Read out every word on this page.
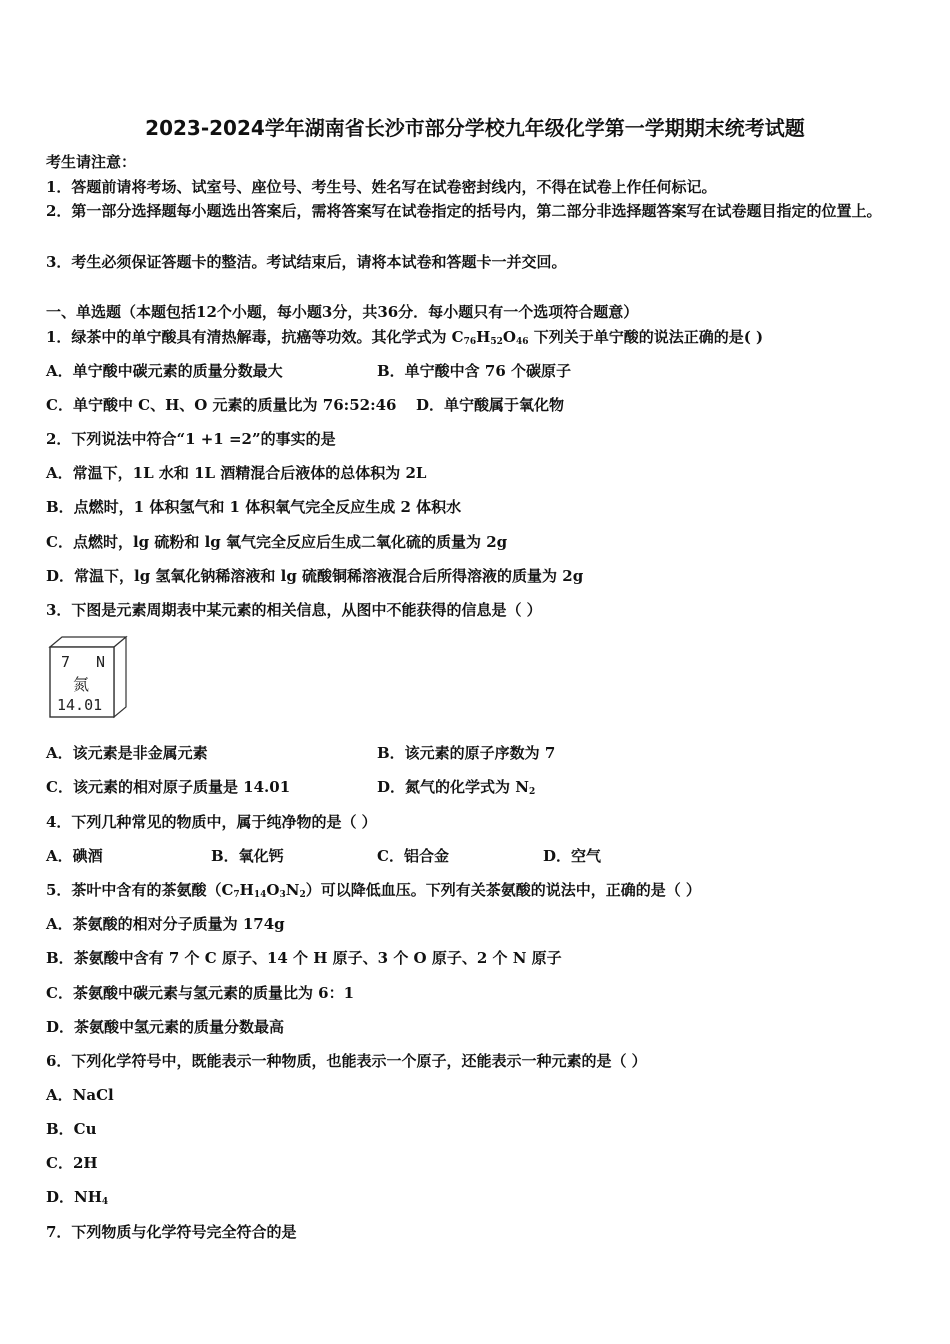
2023-2024学年湖南省长沙市部分学校九年级化学第一学期期末统考试题
考生请注意：
1．答题前请将考场、试室号、座位号、考生号、姓名写在试卷密封线内，不得在试卷上作任何标记。
2．第一部分选择题每小题选出答案后，需将答案写在试卷指定的括号内，第二部分非选择题答案写在试卷题目指定的位置上。
3．考生必须保证答题卡的整洁。考试结束后，请将本试卷和答题卡一并交回。
一、单选题（本题包括12个小题，每小题3分，共36分．每小题只有一个选项符合题意）
1．绿茶中的单宁酸具有清热解毒，抗癌等功效。其化学式为 $C_{76}H_{52}O_{46}$ 下列关于单宁酸的说法正确的是( )
A．单宁酸中碳元素的质量分数最大	B．单宁酸中含 76 个碳原子
C．单宁酸中 C、H、O 元素的质量比为 76:52:46 D．单宁酸属于氧化物
2．下列说法中符合“1 +1 =2”的事实的是
A．常温下，1L 水和 1L 酒精混合后液体的总体积为 2L
B．点燃时，1 体积氢气和 1 体积氧气完全反应生成 2 体积水
C．点燃时，lg 硫粉和 lg 氧气完全反应后生成二氧化硫的质量为 2g
D．常温下，lg 氢氧化钠稀溶液和 lg 硫酸铜稀溶液混合后所得溶液的质量为 2g
3．下图是元素周期表中某元素的相关信息，从图中不能获得的信息是（ ）
7 N
氮
14.01
A．该元素是非金属元素	B．该元素的原子序数为 7
C．该元素的相对原子质量是 14.01	D．氮气的化学式为 $N_2$
4．下列几种常见的物质中，属于纯净物的是（ ）
A．碘酒	B．氧化钙	C．铝合金	D．空气
5．茶叶中含有的茶氨酸$(C_7H_{14}O_3N_2)$可以降低血压。下列有关茶氨酸的说法中，正确的是（ ）
A．茶氨酸的相对分子质量为 174g
B．茶氨酸中含有 7 个 C 原子、14 个 H 原子、3 个 O 原子、2 个 N 原子
C．茶氨酸中碳元素与氢元素的质量比为 6：1
D．茶氨酸中氢元素的质量分数最高
6．下列化学符号中，既能表示一种物质，也能表示一个原子，还能表示一种元素的是（ ）
A．NaCl
B．Cu
C．2H
D．$NH_4$
7．下列物质与化学符号完全符合的是
